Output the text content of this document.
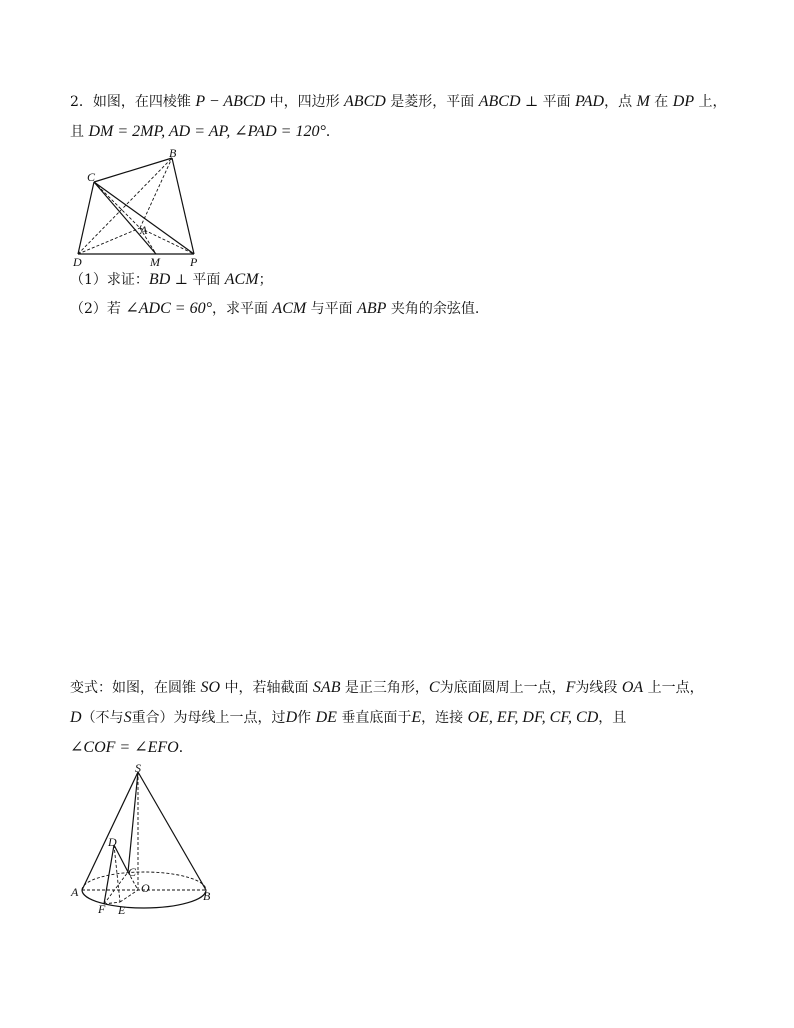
2．如图，在四棱锥 P − ABCD 中，四边形 ABCD 是菱形，平面 ABCD ⊥ 平面 PAD，点 M 在 DP 上，
且 DM = 2MP, AD = AP, ∠PAD = 120°．
B
C
A
D	M	P
（1）求证：BD ⊥ 平面 ACM；
（2）若 ∠ADC = 60°，求平面 ACM 与平面 ABP 夹角的余弦值.
变式：如图，在圆锥 SO 中，若轴截面 SAB 是正三角形，C为底面圆周上一点，F为线段 OA 上一点，
D（不与S重合）为母线上一点，过D作 DE 垂直底面于E，连接 OE, EF, DF, CF, CD，且
∠COF = ∠EFO．
S
D
C
O
A
F E
B
